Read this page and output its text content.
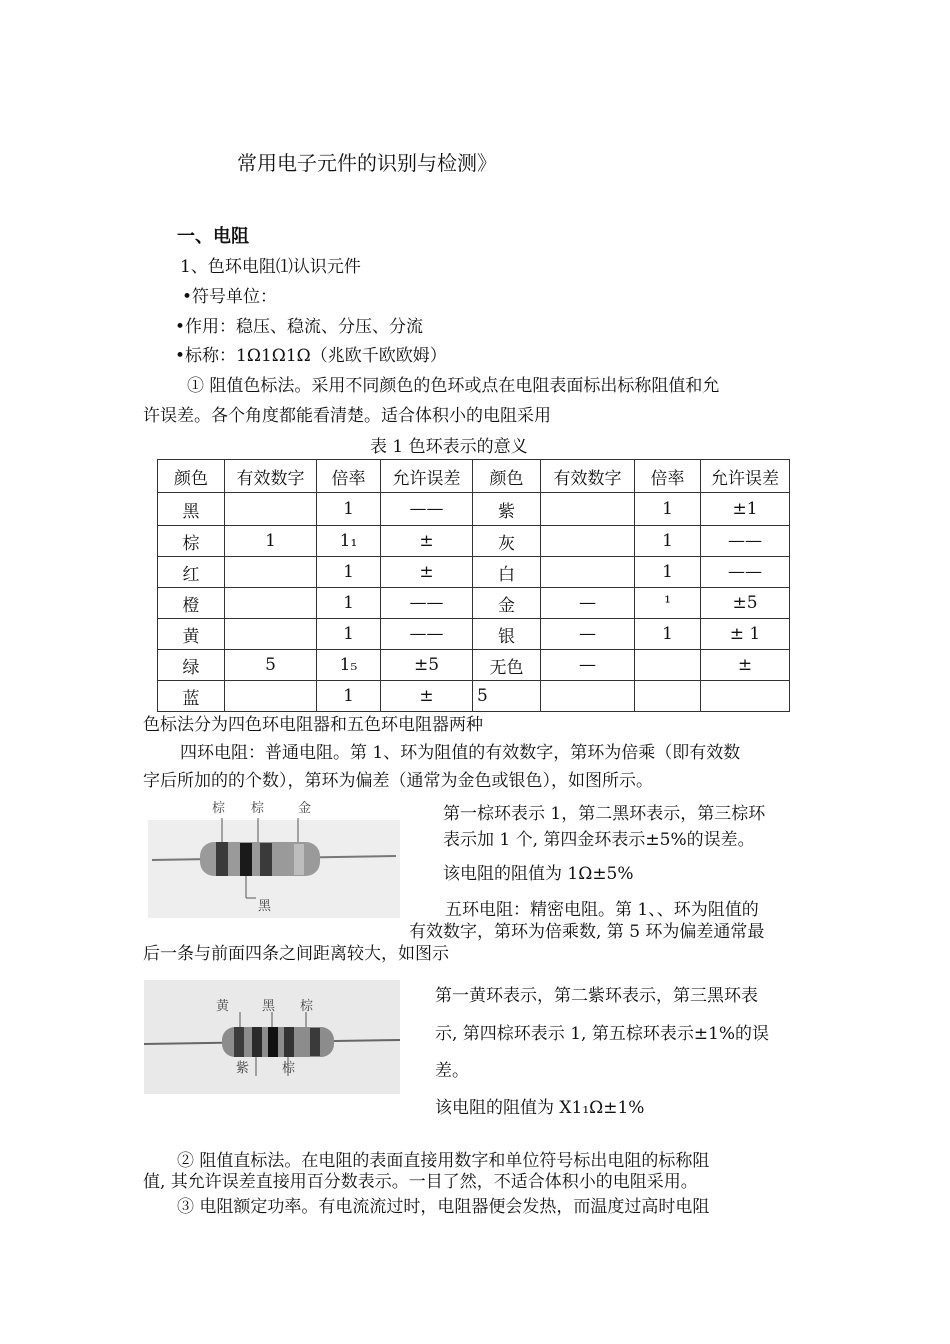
常用电子元件的识别与检测》
一、电阻
1、色环电阻⑴认识元件
•符号单位：
•作用：稳压、稳流、分压、分流
•标称：1Ω1Ω1Ω（兆欧千欧欧姆）
① 阻值色标法。采用不同颜色的色环或点在电阻表面标出标称阻值和允
许误差。各个角度都能看清楚。适合体积小的电阻采用
表 1 色环表示的意义
颜色	有效数字	倍率	允许误差	颜色	有效数字	倍率	允许误差
黑		1	——	紫		1	±1
棕	1	1₁	±	灰		1	——
红		1	±	白		1	——
橙		1	——	金	—	¹	±5
黄		1	——	银	—	1	± 1
绿	5	1₅	±5	无色	—		±
蓝		1	±	5			
色标法分为四色环电阻器和五色环电阻器两种
四环电阻：普通电阻。第 1、环为阻值的有效数字，第环为倍乘（即有效数
字后所加的的个数），第环为偏差（通常为金色或银色），如图所示。
棕 棕	金
黑
第一棕环表示 1，第二黑环表示，第三棕环
表示加 1 个, 第四金环表示±5%的误差。
该电阻的阻值为 1Ω±5%
五环电阻：精密电阻。第 1、、环为阻值的
有效数字，第环为倍乘数, 第 5 环为偏差通常最
后一条与前面四条之间距离较大，如图示
黄	黑 棕
紫	棕
第一黄环表示，第二紫环表示，第三黑环表
示, 第四棕环表示 1, 第五棕环表示±1%的误
差。
该电阻的阻值为 X1₁Ω±1%
② 阻值直标法。在电阻的表面直接用数字和单位符号标出电阻的标称阻
值, 其允许误差直接用百分数表示。一目了然，不适合体积小的电阻采用。
③ 电阻额定功率。有电流流过时，电阻器便会发热，而温度过高时电阻
